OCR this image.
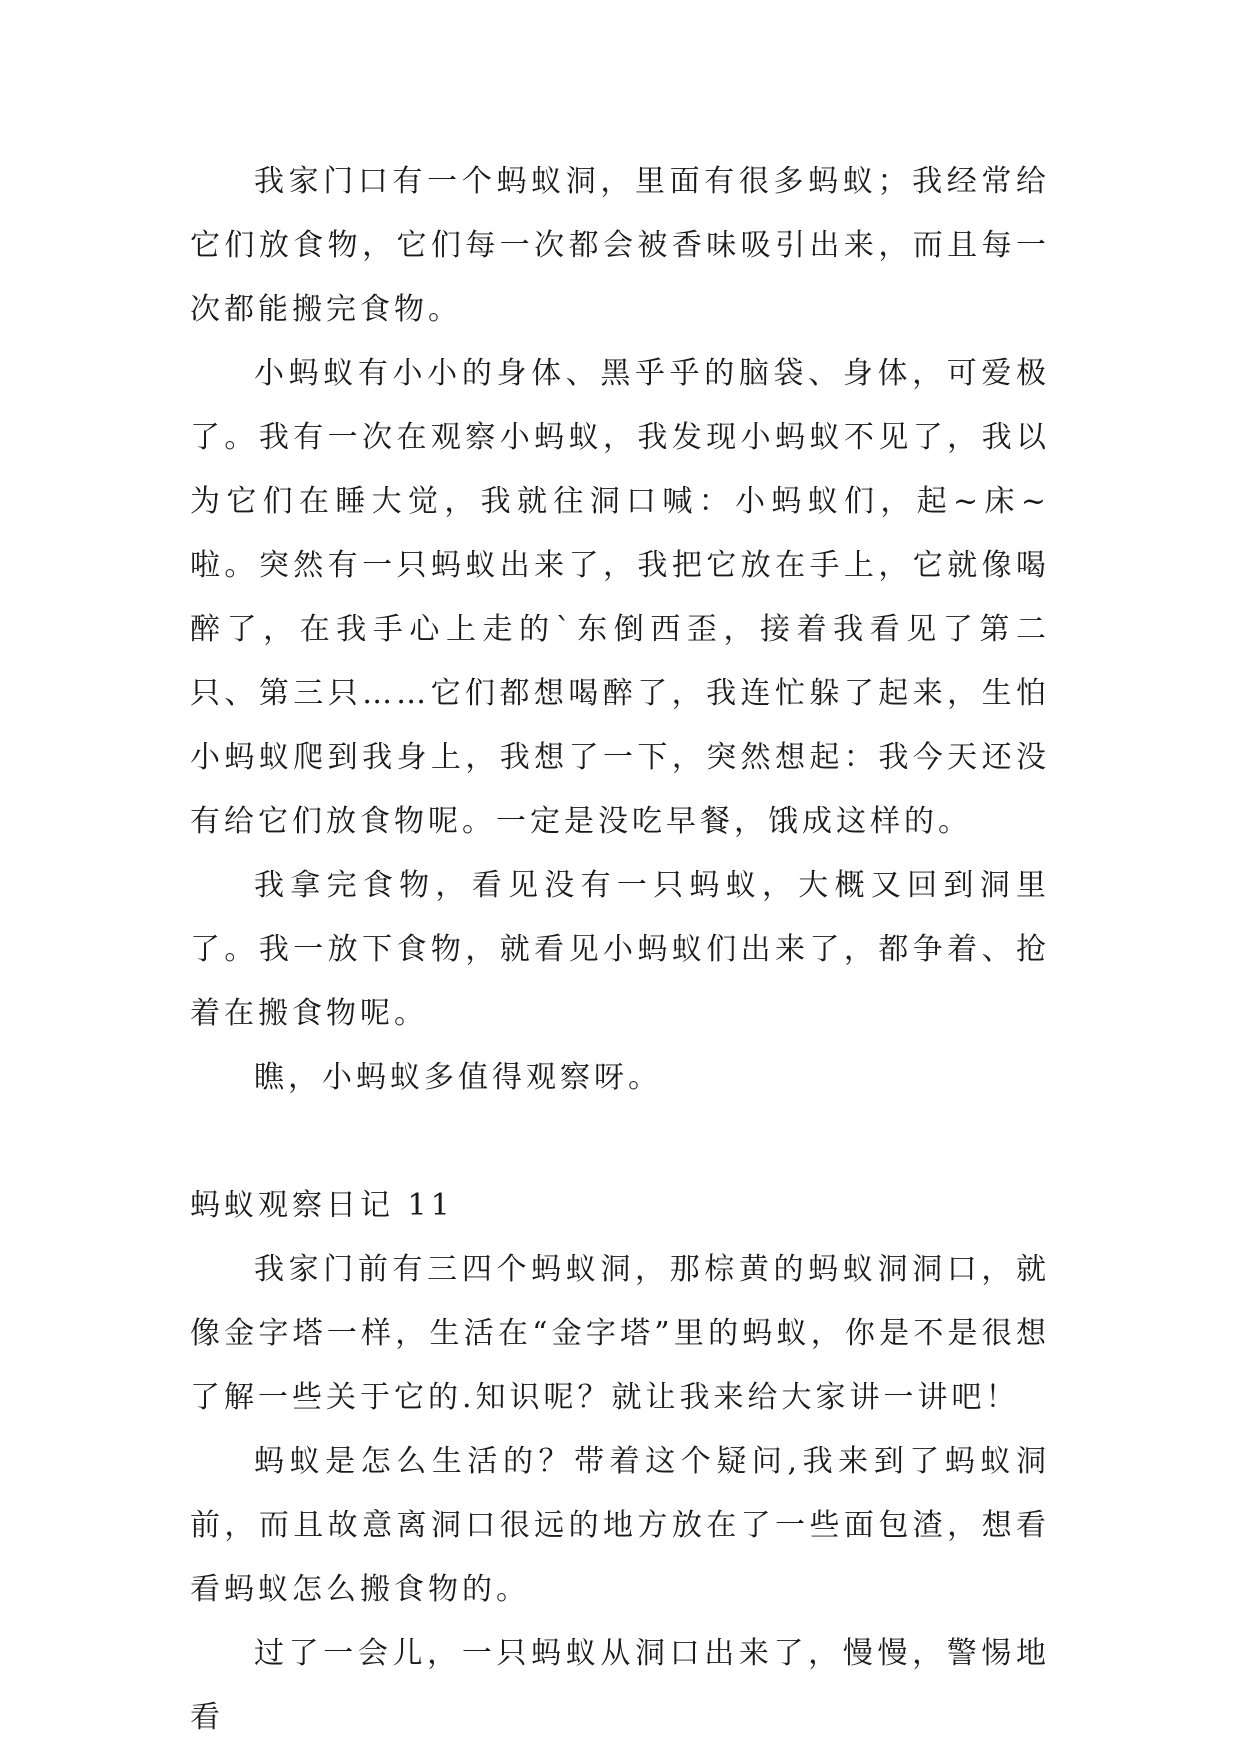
我家门口有一个蚂蚁洞，里面有很多蚂蚁；我经常给它们放食物，它们每一次都会被香味吸引出来，而且每一次都能搬完食物。

小蚂蚁有小小的身体、黑乎乎的脑袋、身体，可爱极了。我有一次在观察小蚂蚁，我发现小蚂蚁不见了，我以为它们在睡大觉，我就往洞口喊：小蚂蚁们，起~床~啦。突然有一只蚂蚁出来了，我把它放在手上，它就像喝醉了，在我手心上走的`东倒西歪，接着我看见了第二只、第三只……它们都想喝醉了，我连忙躲了起来，生怕小蚂蚁爬到我身上，我想了一下，突然想起：我今天还没有给它们放食物呢。一定是没吃早餐，饿成这样的。

我拿完食物，看见没有一只蚂蚁，大概又回到洞里了。我一放下食物，就看见小蚂蚁们出来了，都争着、抢着在搬食物呢。

瞧，小蚂蚁多值得观察呀。

蚂蚁观察日记 11

我家门前有三四个蚂蚁洞，那棕黄的蚂蚁洞洞口，就像金字塔一样，生活在“金字塔”里的蚂蚁，你是不是很想了解一些关于它的.知识呢？就让我来给大家讲一讲吧！

蚂蚁是怎么生活的？带着这个疑问,我来到了蚂蚁洞前，而且故意离洞口很远的地方放在了一些面包渣，想看看蚂蚁怎么搬食物的。

过了一会儿，一只蚂蚁从洞口出来了，慢慢，警惕地看
